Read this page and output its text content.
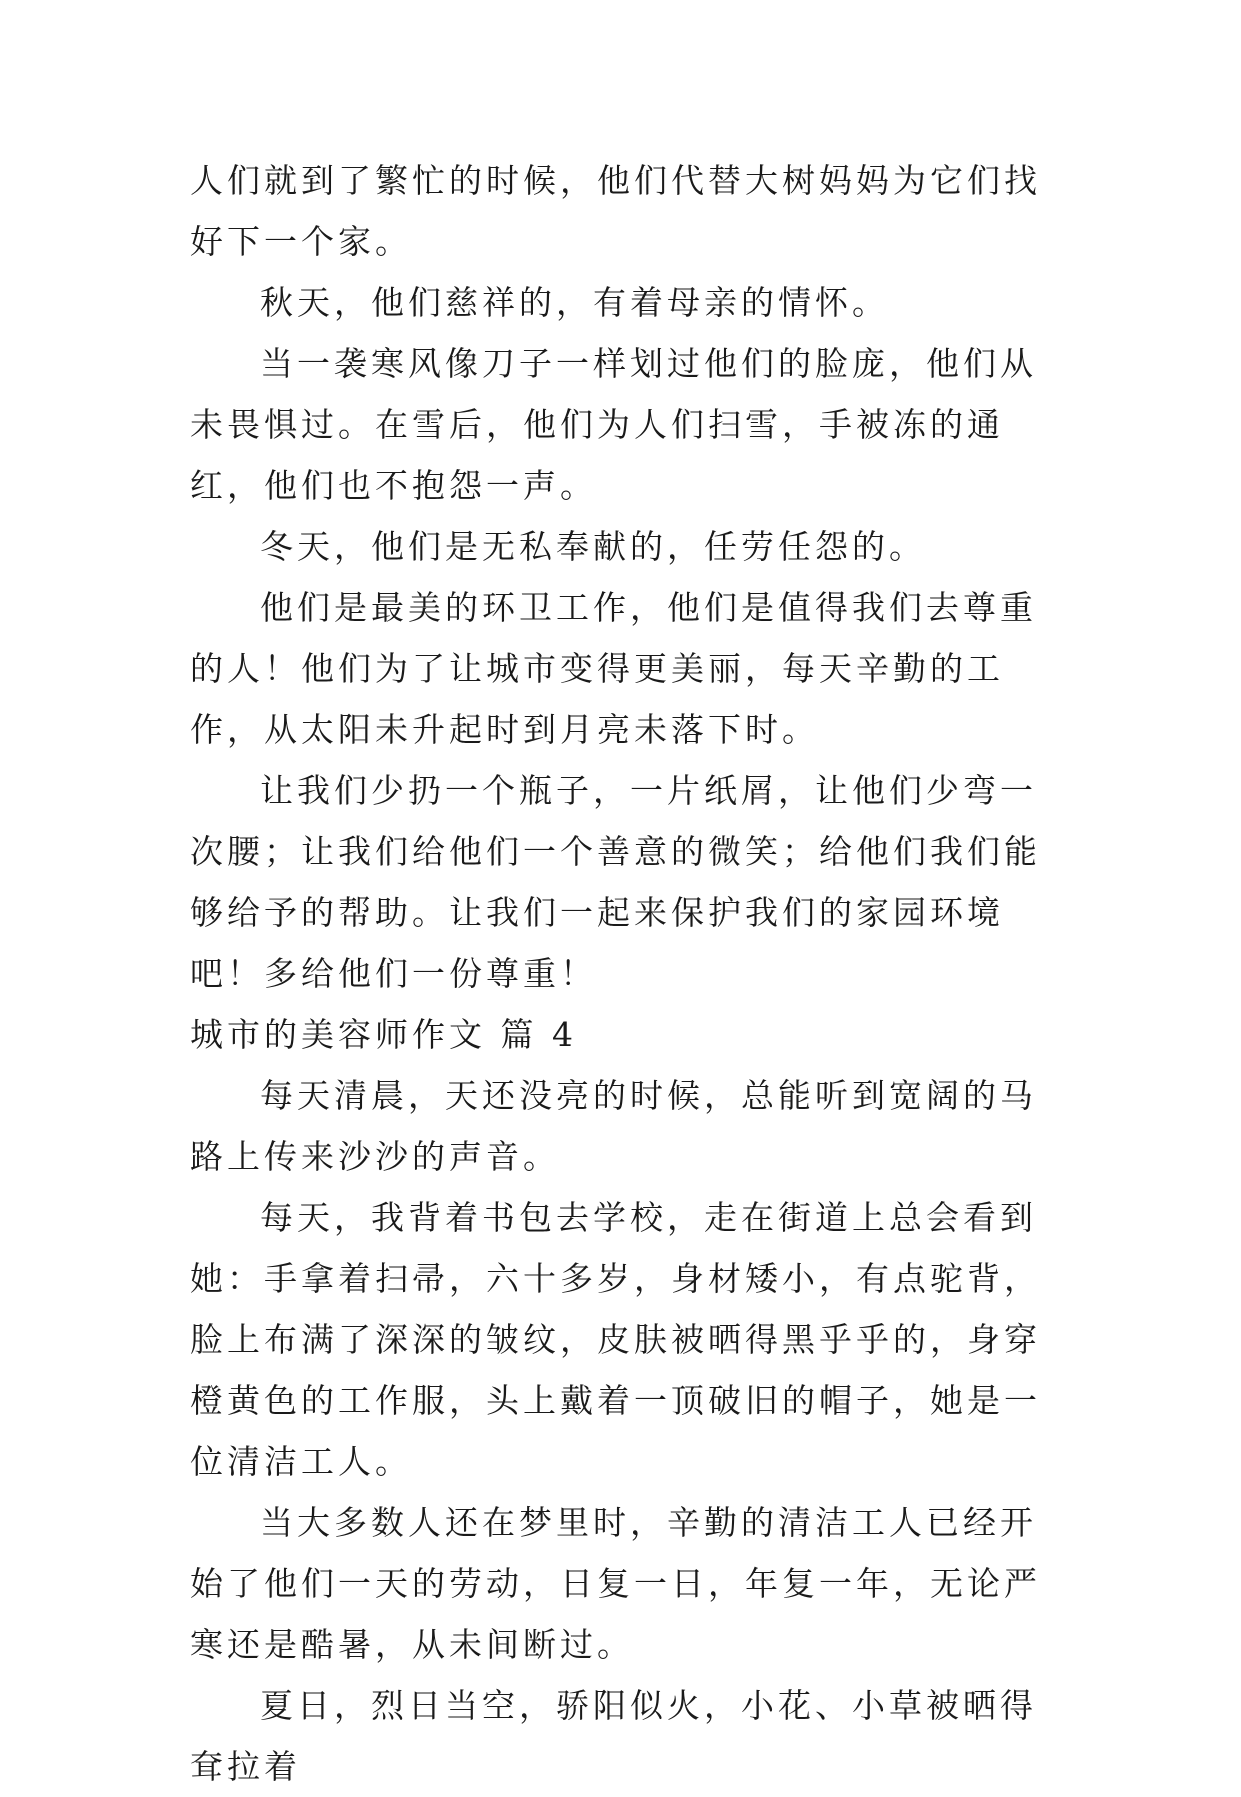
人们就到了繁忙的时候，他们代替大树妈妈为它们找好下一个家。

秋天，他们慈祥的，有着母亲的情怀。

当一袭寒风像刀子一样划过他们的脸庞，他们从未畏惧过。在雪后，他们为人们扫雪，手被冻的通红，他们也不抱怨一声。

冬天，他们是无私奉献的，任劳任怨的。

他们是最美的环卫工作，他们是值得我们去尊重的人！他们为了让城市变得更美丽，每天辛勤的工作，从太阳未升起时到月亮未落下时。

让我们少扔一个瓶子，一片纸屑，让他们少弯一次腰；让我们给他们一个善意的微笑；给他们我们能够给予的帮助。让我们一起来保护我们的家园环境吧！多给他们一份尊重！

城市的美容师作文 篇 4

每天清晨，天还没亮的时候，总能听到宽阔的马路上传来沙沙的声音。

每天，我背着书包去学校，走在街道上总会看到她：手拿着扫帚，六十多岁，身材矮小，有点驼背，脸上布满了深深的皱纹，皮肤被晒得黑乎乎的，身穿橙黄色的工作服，头上戴着一顶破旧的帽子，她是一位清洁工人。

当大多数人还在梦里时，辛勤的清洁工人已经开始了他们一天的劳动，日复一日，年复一年，无论严寒还是酷暑，从未间断过。

夏日，烈日当空，骄阳似火，小花、小草被晒得耷拉着
